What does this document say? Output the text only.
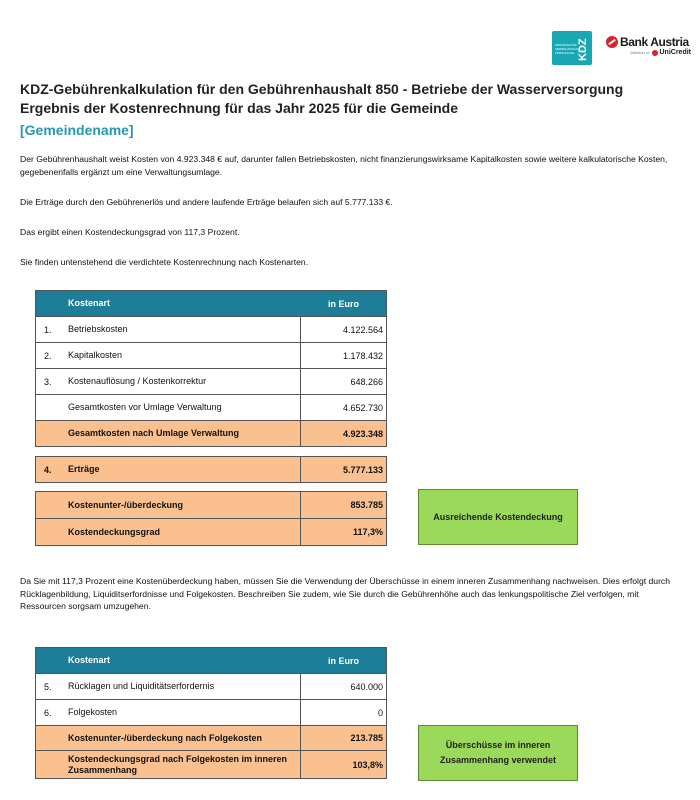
ZENTRUM FÜR
VERWALTUNGS-
FORSCHUNG KDZ	Bank Austria
Member of UniCredit
KDZ-Gebührenkalkulation für den Gebührenhaushalt 850 - Betriebe der Wasserversorgung
Ergebnis der Kostenrechnung für das Jahr 2025 für die Gemeinde
[Gemeindename]
Der Gebührenhaushalt weist Kosten von 4.923.348 € auf, darunter fallen Betriebskosten, nicht finanzierungswirksame Kapitalkosten sowie weitere kalkulatorische Kosten, gegebenenfalls ergänzt um eine Verwaltungsumlage.
Die Erträge durch den Gebührenerlös und andere laufende Erträge belaufen sich auf 5.777.133 €.
Das ergibt einen Kostendeckungsgrad von 117,3 Prozent.
Sie finden untenstehend die verdichtete Kostenrechnung nach Kostenarten.
Kostenart	in Euro
1.	Betriebskosten	4.122.564
2.	Kapitalkosten	1.178.432
3.	Kostenauflösung / Kostenkorrektur	648.266
Gesamtkosten vor Umlage Verwaltung	4.652.730
Gesamtkosten nach Umlage Verwaltung	4.923.348
4.	Erträge	5.777.133
Kostenunter-/überdeckung	853.785
Kostendeckungsgrad	117,3%
Ausreichende Kostendeckung
Da Sie mit 117,3 Prozent eine Kostenüberdeckung haben, müssen Sie die Verwendung der Überschüsse in einem inneren Zusammenhang nachweisen. Dies erfolgt durch Rücklagenbildung, Liquiditserfordnisse und Folgekosten. Beschreiben Sie zudem, wie Sie durch die Gebührenhöhe auch das lenkungspolitische Ziel verfolgen, mit Ressourcen sorgsam umzugehen.
Kostenart	in Euro
5.	Rücklagen und Liquiditätserfordernis	640.000
6.	Folgekosten	0
Kostenunter-/überdeckung nach Folgekosten	213.785
Kostendeckungsgrad nach Folgekosten im inneren Zusammenhang	103,8%
Überschüsse im inneren Zusammenhang verwendet
